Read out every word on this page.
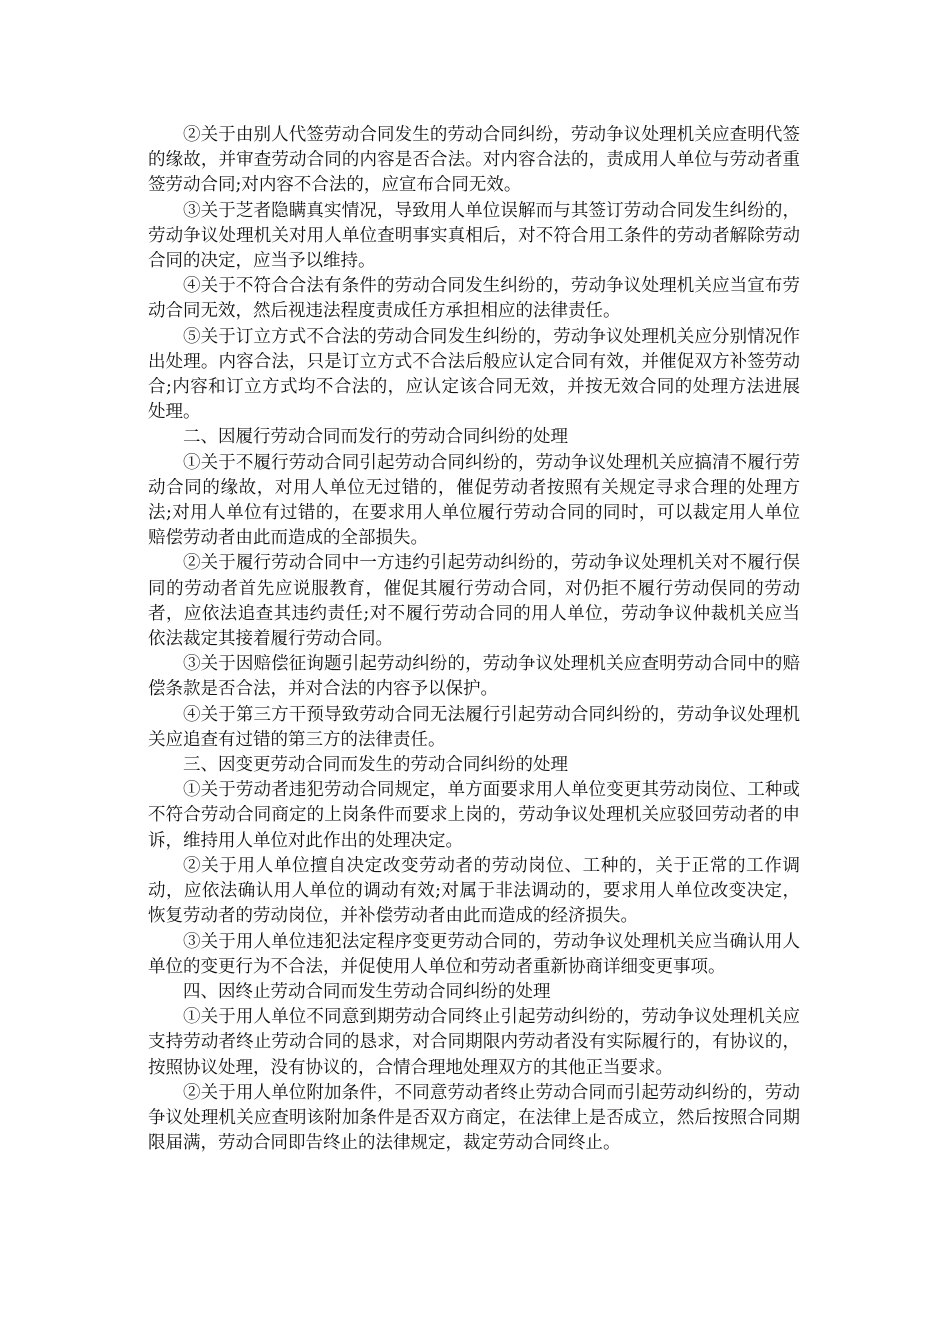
②关于由别人代签劳动合同发生的劳动合同纠纷，劳动争议处理机关应查明代签的缘故，并审查劳动合同的内容是否合法。对内容合法的，责成用人单位与劳动者重签劳动合同;对内容不合法的，应宣布合同无效。

③关于芝者隐瞒真实情况，导致用人单位误解而与其签订劳动合同发生纠纷的，劳动争议处理机关对用人单位查明事实真相后，对不符合用工条件的劳动者解除劳动合同的决定，应当予以维持。

④关于不符合合法有条件的劳动合同发生纠纷的，劳动争议处理机关应当宣布劳动合同无效，然后视违法程度责成任方承担相应的法律责任。

⑤关于订立方式不合法的劳动合同发生纠纷的，劳动争议处理机关应分别情况作出处理。内容合法，只是订立方式不合法后般应认定合同有效，并催促双方补签劳动合;内容和订立方式均不合法的，应认定该合同无效，并按无效合同的处理方法进展处理。

二、因履行劳动合同而发行的劳动合同纠纷的处理

①关于不履行劳动合同引起劳动合同纠纷的，劳动争议处理机关应搞清不履行劳动合同的缘故，对用人单位无过错的，催促劳动者按照有关规定寻求合理的处理方法;对用人单位有过错的，在要求用人单位履行劳动合同的同时，可以裁定用人单位赔偿劳动者由此而造成的全部损失。

②关于履行劳动合同中一方违约引起劳动纠纷的，劳动争议处理机关对不履行俣同的劳动者首先应说服教育，催促其履行劳动合同，对仍拒不履行劳动俣同的劳动者，应依法追查其违约责任;对不履行劳动合同的用人单位，劳动争议仲裁机关应当依法裁定其接着履行劳动合同。

③关于因赔偿征询题引起劳动纠纷的，劳动争议处理机关应查明劳动合同中的赔偿条款是否合法，并对合法的内容予以保护。

④关于第三方干预导致劳动合同无法履行引起劳动合同纠纷的，劳动争议处理机关应追查有过错的第三方的法律责任。

三、因变更劳动合同而发生的劳动合同纠纷的处理

①关于劳动者违犯劳动合同规定，单方面要求用人单位变更其劳动岗位、工种或不符合劳动合同商定的上岗条件而要求上岗的，劳动争议处理机关应驳回劳动者的申诉，维持用人单位对此作出的处理决定。

②关于用人单位擅自决定改变劳动者的劳动岗位、工种的，关于正常的工作调动，应依法确认用人单位的调动有效;对属于非法调动的，要求用人单位改变决定，恢复劳动者的劳动岗位，并补偿劳动者由此而造成的经济损失。

③关于用人单位违犯法定程序变更劳动合同的，劳动争议处理机关应当确认用人单位的变更行为不合法，并促使用人单位和劳动者重新协商详细变更事项。

四、因终止劳动合同而发生劳动合同纠纷的处理

①关于用人单位不同意到期劳动合同终止引起劳动纠纷的，劳动争议处理机关应支持劳动者终止劳动合同的恳求，对合同期限内劳动者没有实际履行的，有协议的，按照协议处理，没有协议的，合情合理地处理双方的其他正当要求。

②关于用人单位附加条件，不同意劳动者终止劳动合同而引起劳动纠纷的，劳动争议处理机关应查明该附加条件是否双方商定，在法律上是否成立，然后按照合同期限届满，劳动合同即告终止的法律规定，裁定劳动合同终止。
